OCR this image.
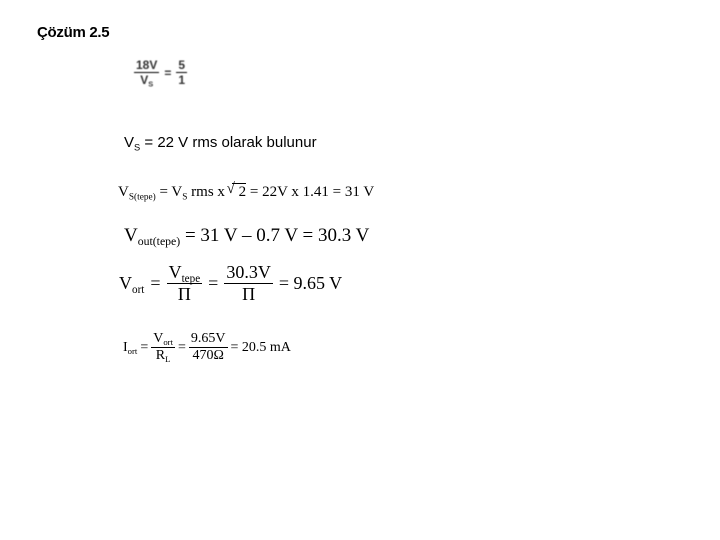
Çözüm 2.5
$\frac{18V}{V_S} = \frac{5}{1}$
$V_S = 22$ V rms olarak bulunur
$V_{S(tepe)} = V_S$ rms x √ 2 = 22V x 1.41 = 31 V
$V_{out(tepe)} = 31$ V – 0.7 V = 30.3 V
$V_{ort} = \frac{V_{tepe}}{\Pi} = \frac{30.3V}{\Pi} = 9.65$ V
$I_{ort} = \frac{V_{ort}}{R_L} = \frac{9.65V}{470\Omega} = 20.5$ mA
